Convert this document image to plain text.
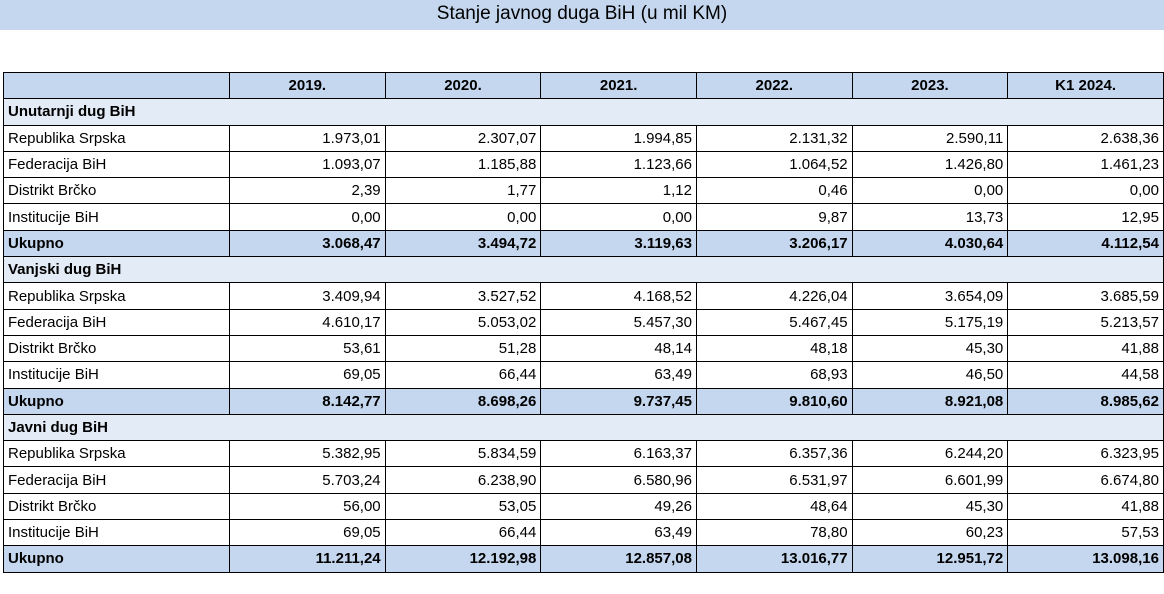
Stanje javnog duga BiH (u mil KM)
	2019.	2020.	2021.	2022.	2023.	K1 2024.
Unutarnji dug BiH						
Republika Srpska	1.973,01	2.307,07	1.994,85	2.131,32	2.590,11	2.638,36
Federacija BiH	1.093,07	1.185,88	1.123,66	1.064,52	1.426,80	1.461,23
Distrikt Brčko	2,39	1,77	1,12	0,46	0,00	0,00
Institucije BiH	0,00	0,00	0,00	9,87	13,73	12,95
Ukupno	3.068,47	3.494,72	3.119,63	3.206,17	4.030,64	4.112,54
Vanjski dug BiH						
Republika Srpska	3.409,94	3.527,52	4.168,52	4.226,04	3.654,09	3.685,59
Federacija BiH	4.610,17	5.053,02	5.457,30	5.467,45	5.175,19	5.213,57
Distrikt Brčko	53,61	51,28	48,14	48,18	45,30	41,88
Institucije BiH	69,05	66,44	63,49	68,93	46,50	44,58
Ukupno	8.142,77	8.698,26	9.737,45	9.810,60	8.921,08	8.985,62
Javni dug BiH						
Republika Srpska	5.382,95	5.834,59	6.163,37	6.357,36	6.244,20	6.323,95
Federacija BiH	5.703,24	6.238,90	6.580,96	6.531,97	6.601,99	6.674,80
Distrikt Brčko	56,00	53,05	49,26	48,64	45,30	41,88
Institucije BiH	69,05	66,44	63,49	78,80	60,23	57,53
Ukupno	11.211,24	12.192,98	12.857,08	13.016,77	12.951,72	13.098,16
